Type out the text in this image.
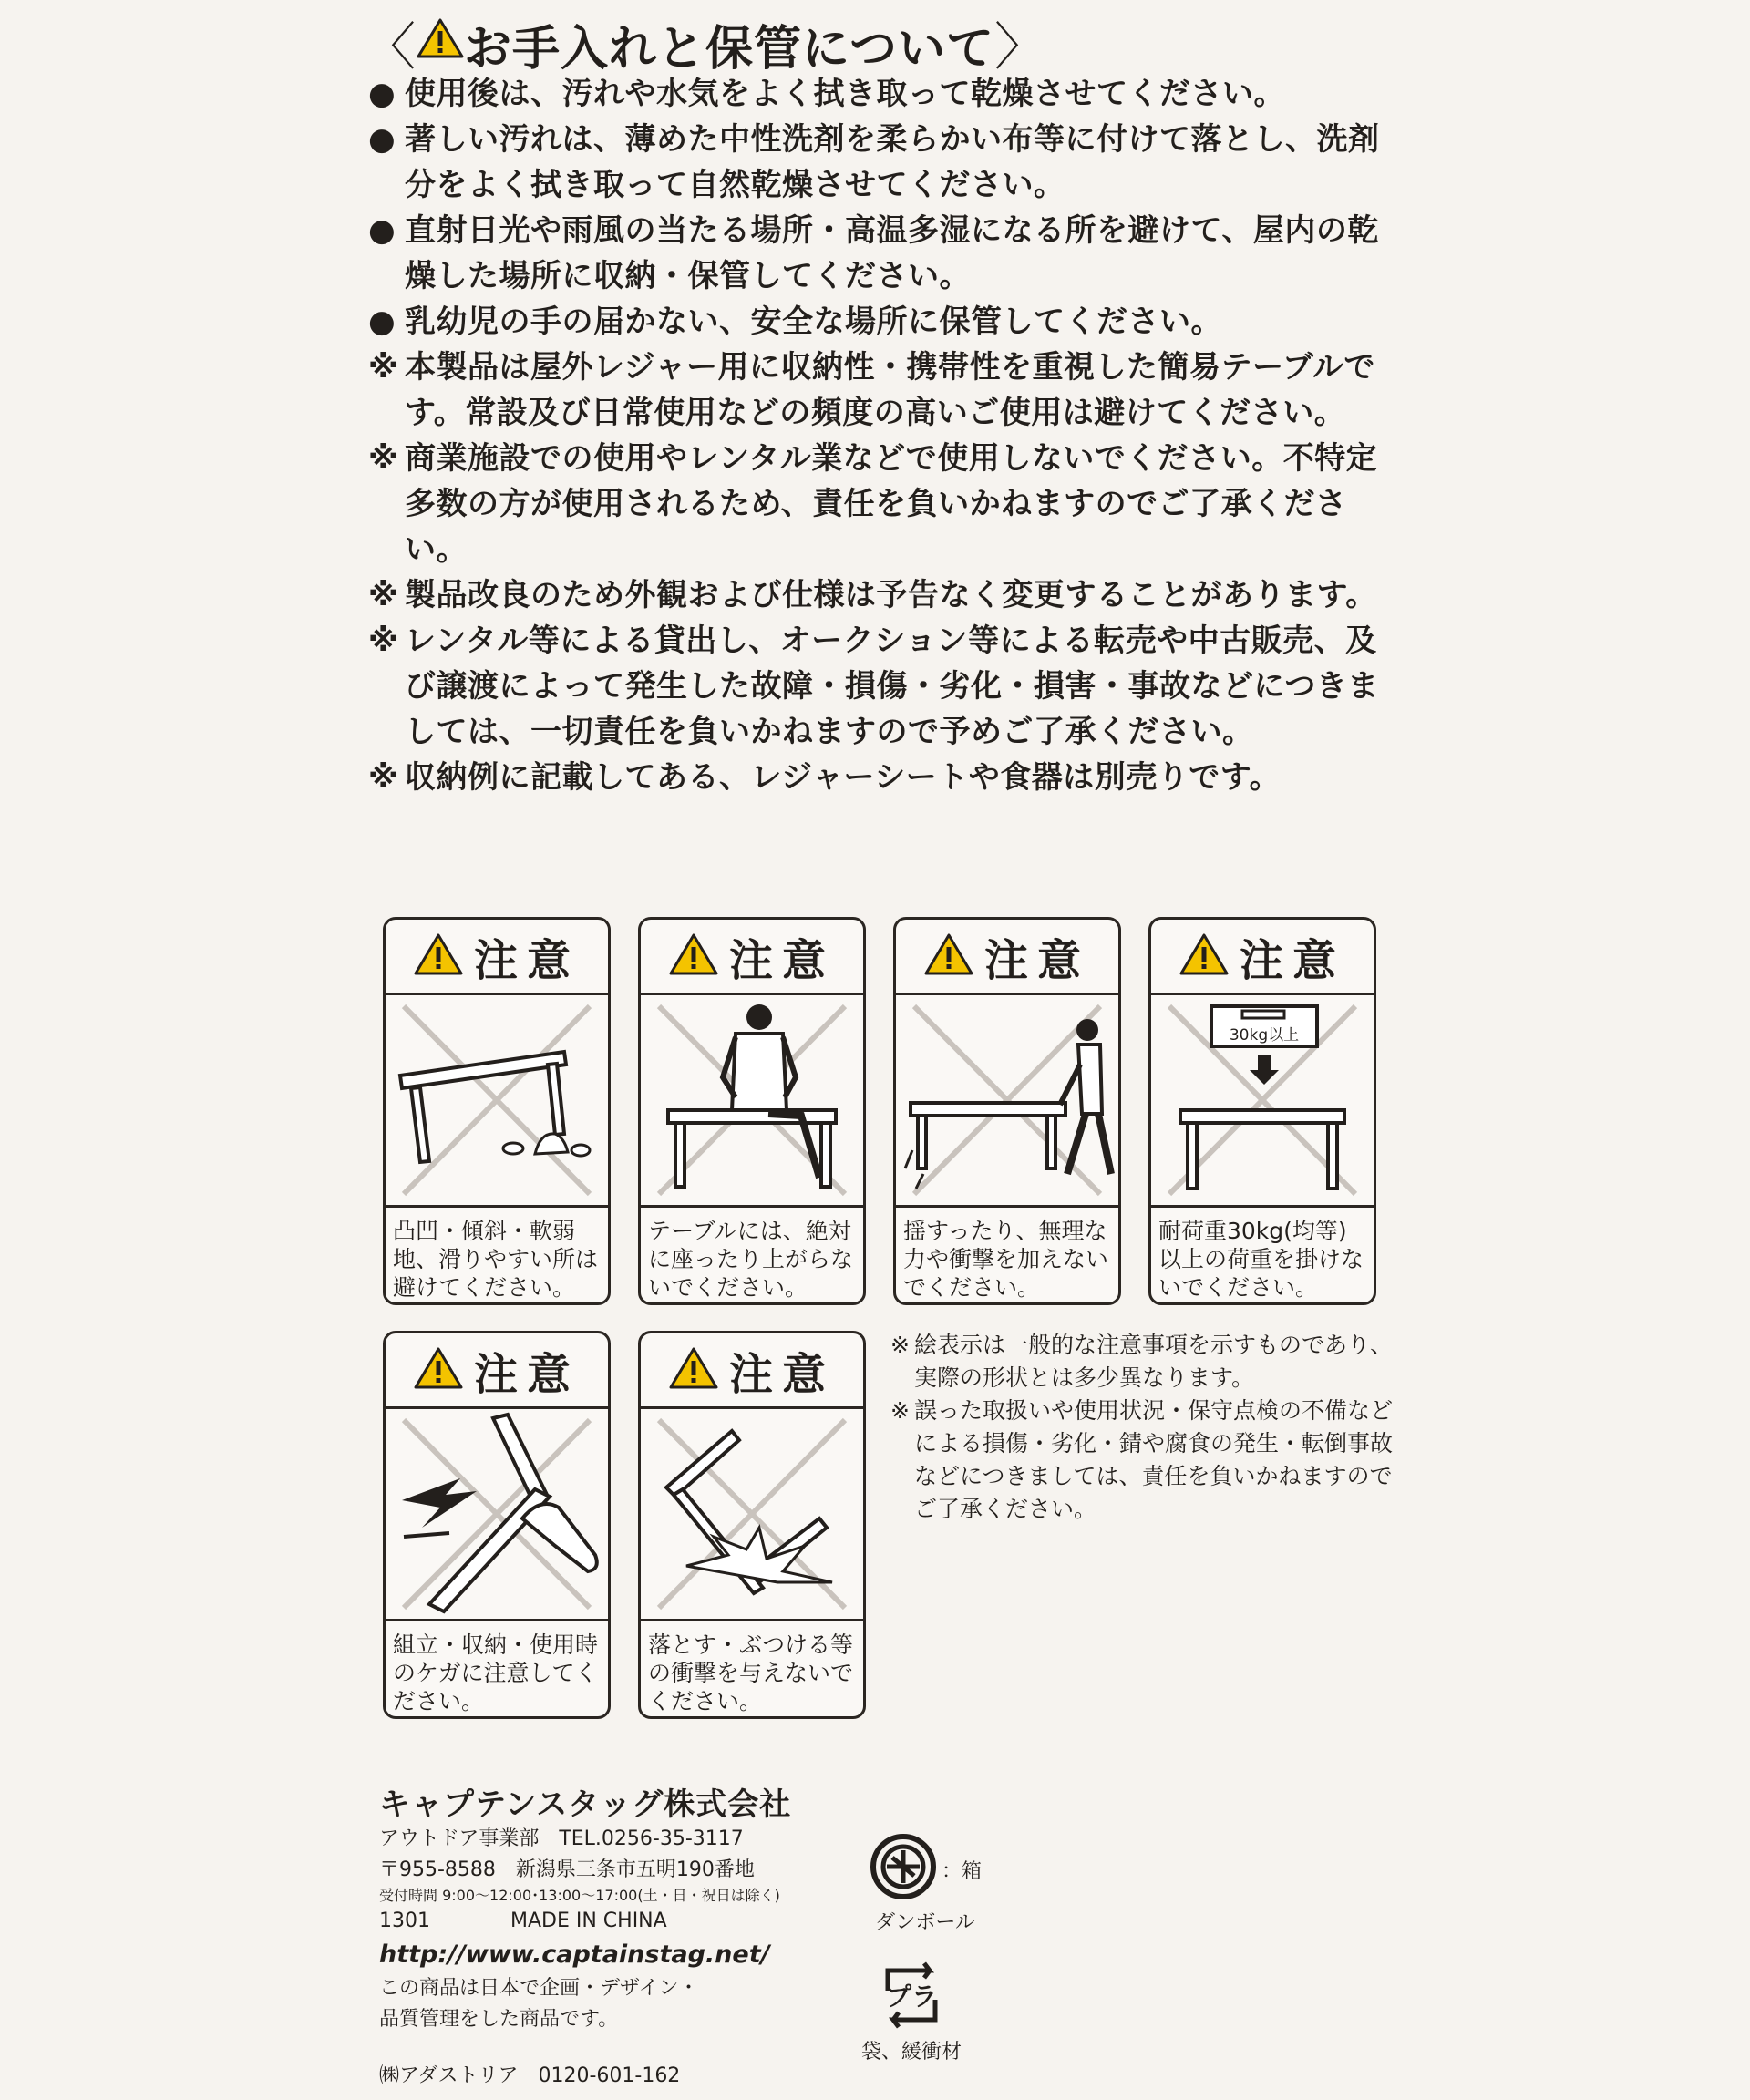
〈 お手入れと保管について 〉
● 使用後は、汚れや水気をよく拭き取って乾燥させてください。
● 著しい汚れは、薄めた中性洗剤を柔らかい布等に付けて落とし、洗剤分をよく拭き取って自然乾燥させてください。
● 直射日光や雨風の当たる場所・高温多湿になる所を避けて、屋内の乾燥した場所に収納・保管してください。
● 乳幼児の手の届かない、安全な場所に保管してください。
※ 本製品は屋外レジャー用に収納性・携帯性を重視した簡易テーブルです。常設及び日常使用などの頻度の高いご使用は避けてください。
※ 商業施設での使用やレンタル業などで使用しないでください。不特定多数の方が使用されるため、責任を負いかねますのでご了承ください。
※ 製品改良のため外観および仕様は予告なく変更することがあります。
※ レンタル等による貸出し、オークション等による転売や中古販売、及び譲渡によって発生した故障・損傷・劣化・損害・事故などにつきましては、一切責任を負いかねますので予めご了承ください。
※ 収納例に記載してある、レジャーシートや食器は別売りです。
注意
凸凹・傾斜・軟弱地、滑りやすい所は避けてください。
注意
テーブルには、絶対に座ったり上がらないでください。
注意
揺すったり、無理な力や衝撃を加えないでください。
注意
30kg以上
耐荷重30kg(均等)以上の荷重を掛けないでください。
注意
組立・収納・使用時のケガに注意してください。
注意
落とす・ぶつける等の衝撃を与えないでください。
※ 絵表示は一般的な注意事項を示すものであり、実際の形状とは多少異なります。
※ 誤った取扱いや使用状況・保守点検の不備などによる損傷・劣化・錆や腐食の発生・転倒事故などにつきましては、責任を負いかねますのでご了承ください。
キャプテンスタッグ株式会社
アウトドア事業部　TEL.0256-35-3117
〒955-8588　新潟県三条市五明190番地
受付時間 9:00～12:00･13:00～17:00(土・日・祝日は除く)
1301　　　　MADE IN CHINA
http://www.captainstag.net/
この商品は日本で企画・デザイン・
品質管理をした商品です。
㈱アダストリア　0120-601-162
：箱
ダンボール
プラ
袋、緩衝材
